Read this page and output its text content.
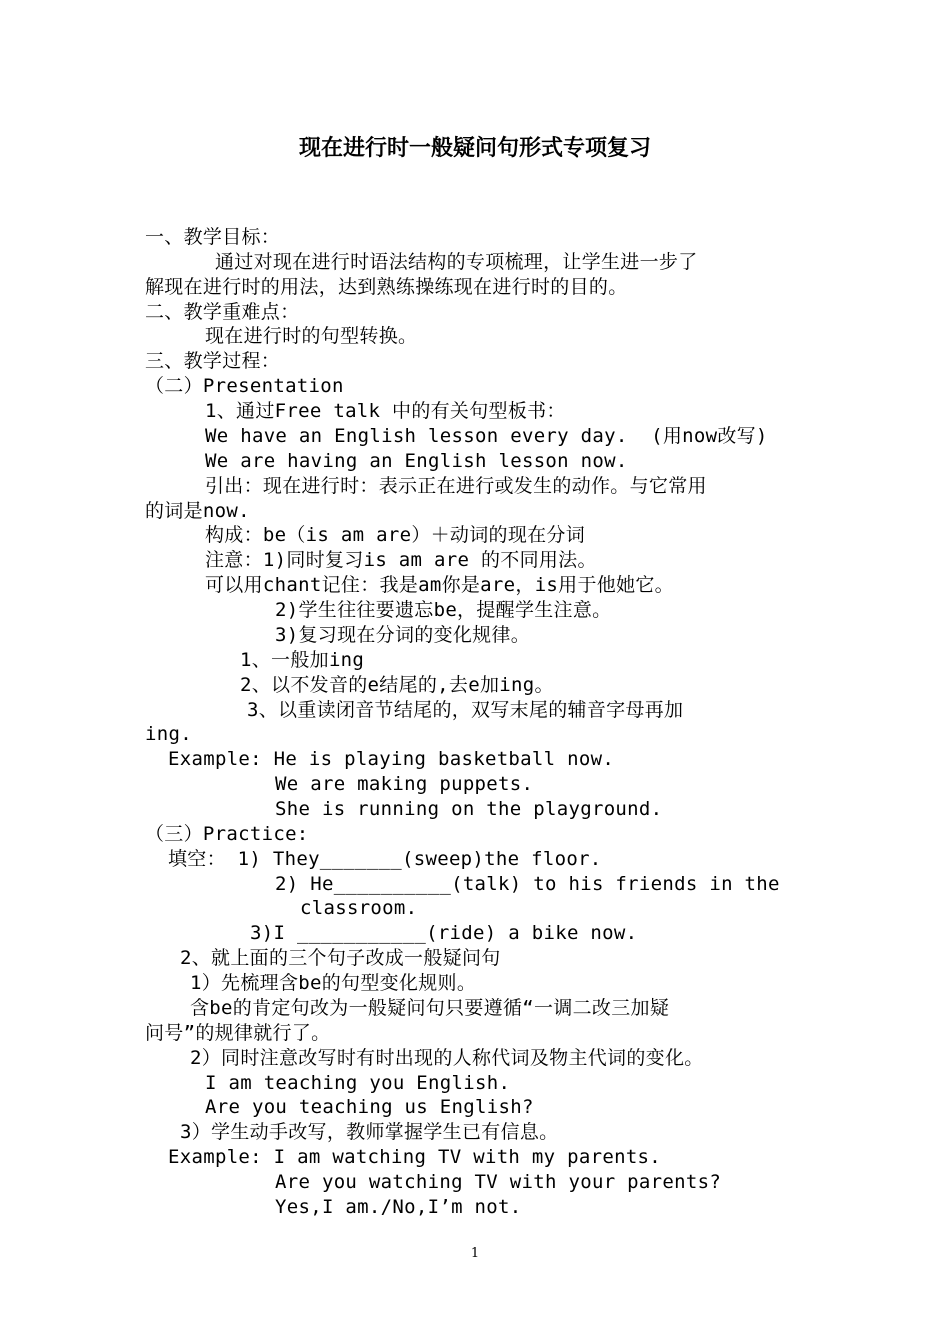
现在进行时一般疑问句形式专项复习
一、教学目标：
通过对现在进行时语法结构的专项梳理，让学生进一步了
解现在进行时的用法，达到熟练操练现在进行时的目的。
二、教学重难点：
现在进行时的句型转换。
三、教学过程：
（二）Presentation
1、通过Free talk 中的有关句型板书：
We have an English lesson every day.  (用now改写)
We are having an English lesson now.
引出：现在进行时：表示正在进行或发生的动作。与它常用
的词是now.
构成：be（is am are）＋动词的现在分词
注意：1)同时复习is am are 的不同用法。
可以用chant记住：我是am你是are，is用于他她它。
2)学生往往要遗忘be，提醒学生注意。
3)复习现在分词的变化规律。
1、一般加ing
2、以不发音的e结尾的,去e加ing。
3、以重读闭音节结尾的，双写末尾的辅音字母再加
ing.
Example: He is playing basketball now.
We are making puppets.
She is running on the playground.
（三）Practice:
填空： 1) They_______(sweep)the floor.
2) He__________(talk) to his friends in the
classroom.
3)I ___________(ride) a bike now.
2、就上面的三个句子改成一般疑问句
1）先梳理含be的句型变化规则。
含be的肯定句改为一般疑问句只要遵循“一调二改三加疑
问号”的规律就行了。
2）同时注意改写时有时出现的人称代词及物主代词的变化。
I am teaching you English.
Are you teaching us English?
3）学生动手改写，教师掌握学生已有信息。
Example: I am watching TV with my parents.
Are you watching TV with your parents?
Yes,I am./No,I’m not.
1
